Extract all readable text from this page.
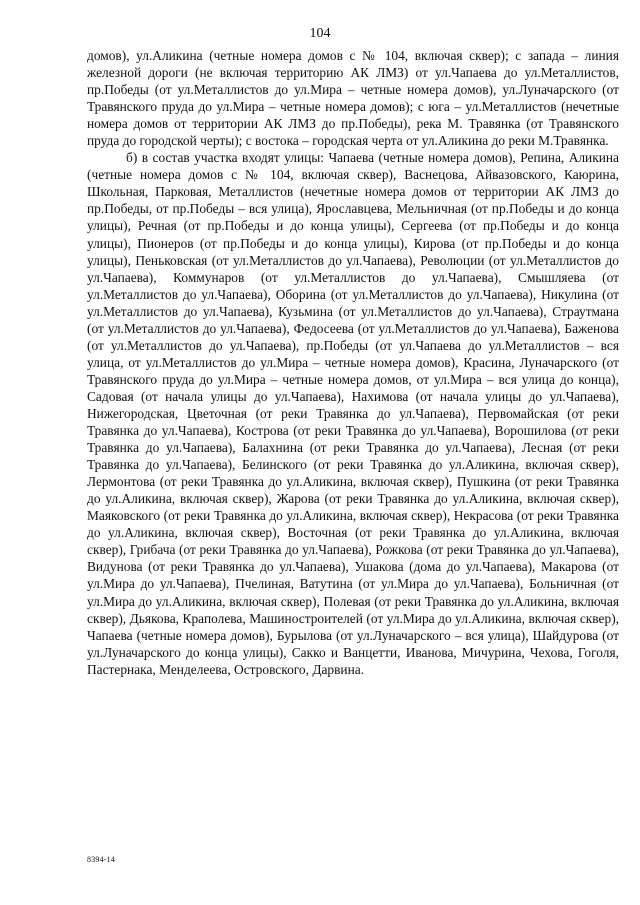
104

домов), ул.Аликина (четные номера домов с № 104, включая сквер); с запада – линия железной дороги (не включая территорию АК ЛМЗ) от ул.Чапаева до ул.Металлистов, пр.Победы (от ул.Металлистов до ул.Мира – четные номера домов), ул.Луначарского (от Травянского пруда до ул.Мира – четные номера домов); с юга – ул.Металлистов (нечетные номера домов от территории АК ЛМЗ до пр.Победы), река М. Травянка (от Травянского пруда до городской черты); с востока – городская черта от ул.Аликина до реки М.Травянка.

б) в состав участка входят улицы: Чапаева (четные номера домов), Репина, Аликина (четные номера домов с № 104, включая сквер), Васнецова, Айвазовского, Каюрина, Школьная, Парковая, Металлистов (нечетные номера домов от территории АК ЛМЗ до пр.Победы, от пр.Победы – вся улица), Ярославцева, Мельничная (от пр.Победы и до конца улицы), Речная (от пр.Победы и до конца улицы), Сергеева (от пр.Победы и до конца улицы), Пионеров (от пр.Победы и до конца улицы), Кирова (от пр.Победы и до конца улицы), Пеньковская (от ул.Металлистов до ул.Чапаева), Революции (от ул.Металлистов до ул.Чапаева), Коммунаров (от ул.Металлистов до ул.Чапаева), Смышляева (от ул.Металлистов до ул.Чапаева), Оборина (от ул.Металлистов до ул.Чапаева), Никулина (от ул.Металлистов до ул.Чапаева), Кузьмина (от ул.Металлистов до ул.Чапаева), Страутмана (от ул.Металлистов до ул.Чапаева), Федосеева (от ул.Металлистов до ул.Чапаева), Баженова (от ул.Металлистов до ул.Чапаева), пр.Победы (от ул.Чапаева до ул.Металлистов – вся улица, от ул.Металлистов до ул.Мира – четные номера домов), Красина, Луначарского (от Травянского пруда до ул.Мира – четные номера домов, от ул.Мира – вся улица до конца), Садовая (от начала улицы до ул.Чапаева), Нахимова (от начала улицы до ул.Чапаева), Нижегородская, Цветочная (от реки Травянка до ул.Чапаева), Первомайская (от реки Травянка до ул.Чапаева), Кострова (от реки Травянка до ул.Чапаева), Ворошилова (от реки Травянка до ул.Чапаева), Балахнина (от реки Травянка до ул.Чапаева), Лесная (от реки Травянка до ул.Чапаева), Белинского (от реки Травянка до ул.Аликина, включая сквер), Лермонтова (от реки Травянка до ул.Аликина, включая сквер), Пушкина (от реки Травянка до ул.Аликина, включая сквер), Жарова (от реки Травянка до ул.Аликина, включая сквер), Маяковского (от реки Травянка до ул.Аликина, включая сквер), Некрасова (от реки Травянка до ул.Аликина, включая сквер), Восточная (от реки Травянка до ул.Аликина, включая сквер), Грибача (от реки Травянка до ул.Чапаева), Рожкова (от реки Травянка до ул.Чапаева), Видунова (от реки Травянка до ул.Чапаева), Ушакова (дома до ул.Чапаева), Макарова (от ул.Мира до ул.Чапаева), Пчелиная, Ватутина (от ул.Мира до ул.Чапаева), Больничная (от ул.Мира до ул.Аликина, включая сквер), Полевая (от реки Травянка до ул.Аликина, включая сквер), Дьякова, Краполева, Машиностроителей (от ул.Мира до ул.Аликина, включая сквер), Чапаева (четные номера домов), Бурылова (от ул.Луначарского – вся улица), Шайдурова (от ул.Луначарского до конца улицы), Сакко и Ванцетти, Иванова, Мичурина, Чехова, Гоголя, Пастернака, Менделеева, Островского, Дарвина.

8394-14
